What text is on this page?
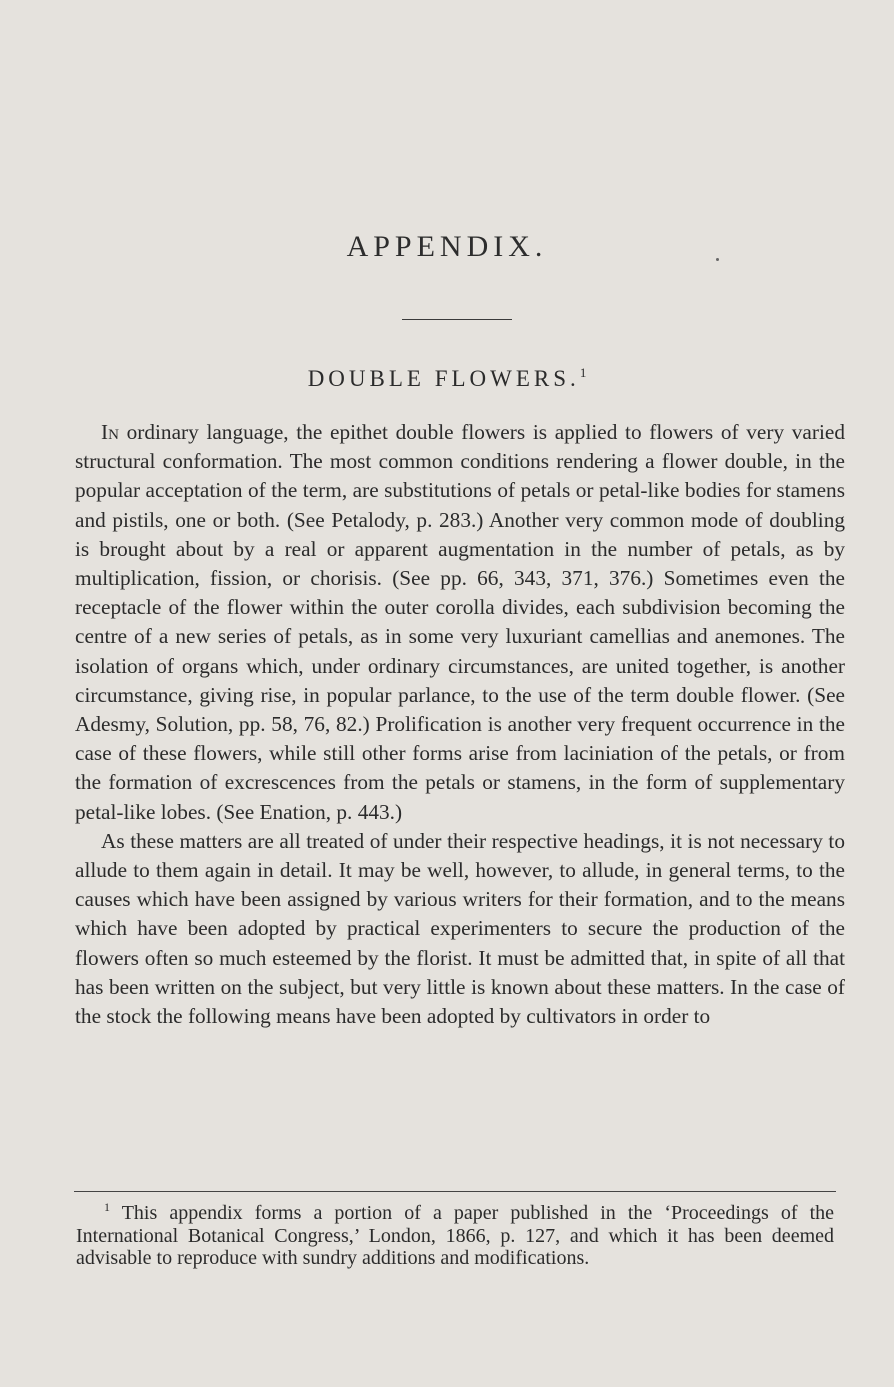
APPENDIX.
DOUBLE FLOWERS.$^1$

In ordinary language, the epithet double flowers is applied to flowers of very varied structural conformation. The most common conditions rendering a flower double, in the popular acceptation of the term, are substitutions of petals or petal-like bodies for stamens and pistils, one or both. (See Petalody, p. 283.) Another very common mode of doubling is brought about by a real or apparent augmentation in the number of petals, as by multiplication, fission, or chorisis. (See pp. 66, 343, 371, 376.) Sometimes even the receptacle of the flower within the outer corolla divides, each subdivision becoming the centre of a new series of petals, as in some very luxuriant camellias and anemones. The isolation of organs which, under ordinary circumstances, are united together, is another circumstance, giving rise, in popular parlance, to the use of the term double flower. (See Adesmy, Solution, pp. 58, 76, 82.) Prolification is another very frequent occurrence in the case of these flowers, while still other forms arise from laciniation of the petals, or from the formation of excrescences from the petals or stamens, in the form of supplementary petal-like lobes. (See Enation, p. 443.)

As these matters are all treated of under their respective headings, it is not necessary to allude to them again in detail. It may be well, however, to allude, in general terms, to the causes which have been assigned by various writers for their formation, and to the means which have been adopted by practical experimenters to secure the production of the flowers often so much esteemed by the florist. It must be admitted that, in spite of all that has been written on the subject, but very little is known about these matters. In the case of the stock the following means have been adopted by cultivators in order to

$^1$ This appendix forms a portion of a paper published in the ‘Proceedings of the International Botanical Congress,’ London, 1866, p. 127, and which it has been deemed advisable to reproduce with sundry additions and modifications.
